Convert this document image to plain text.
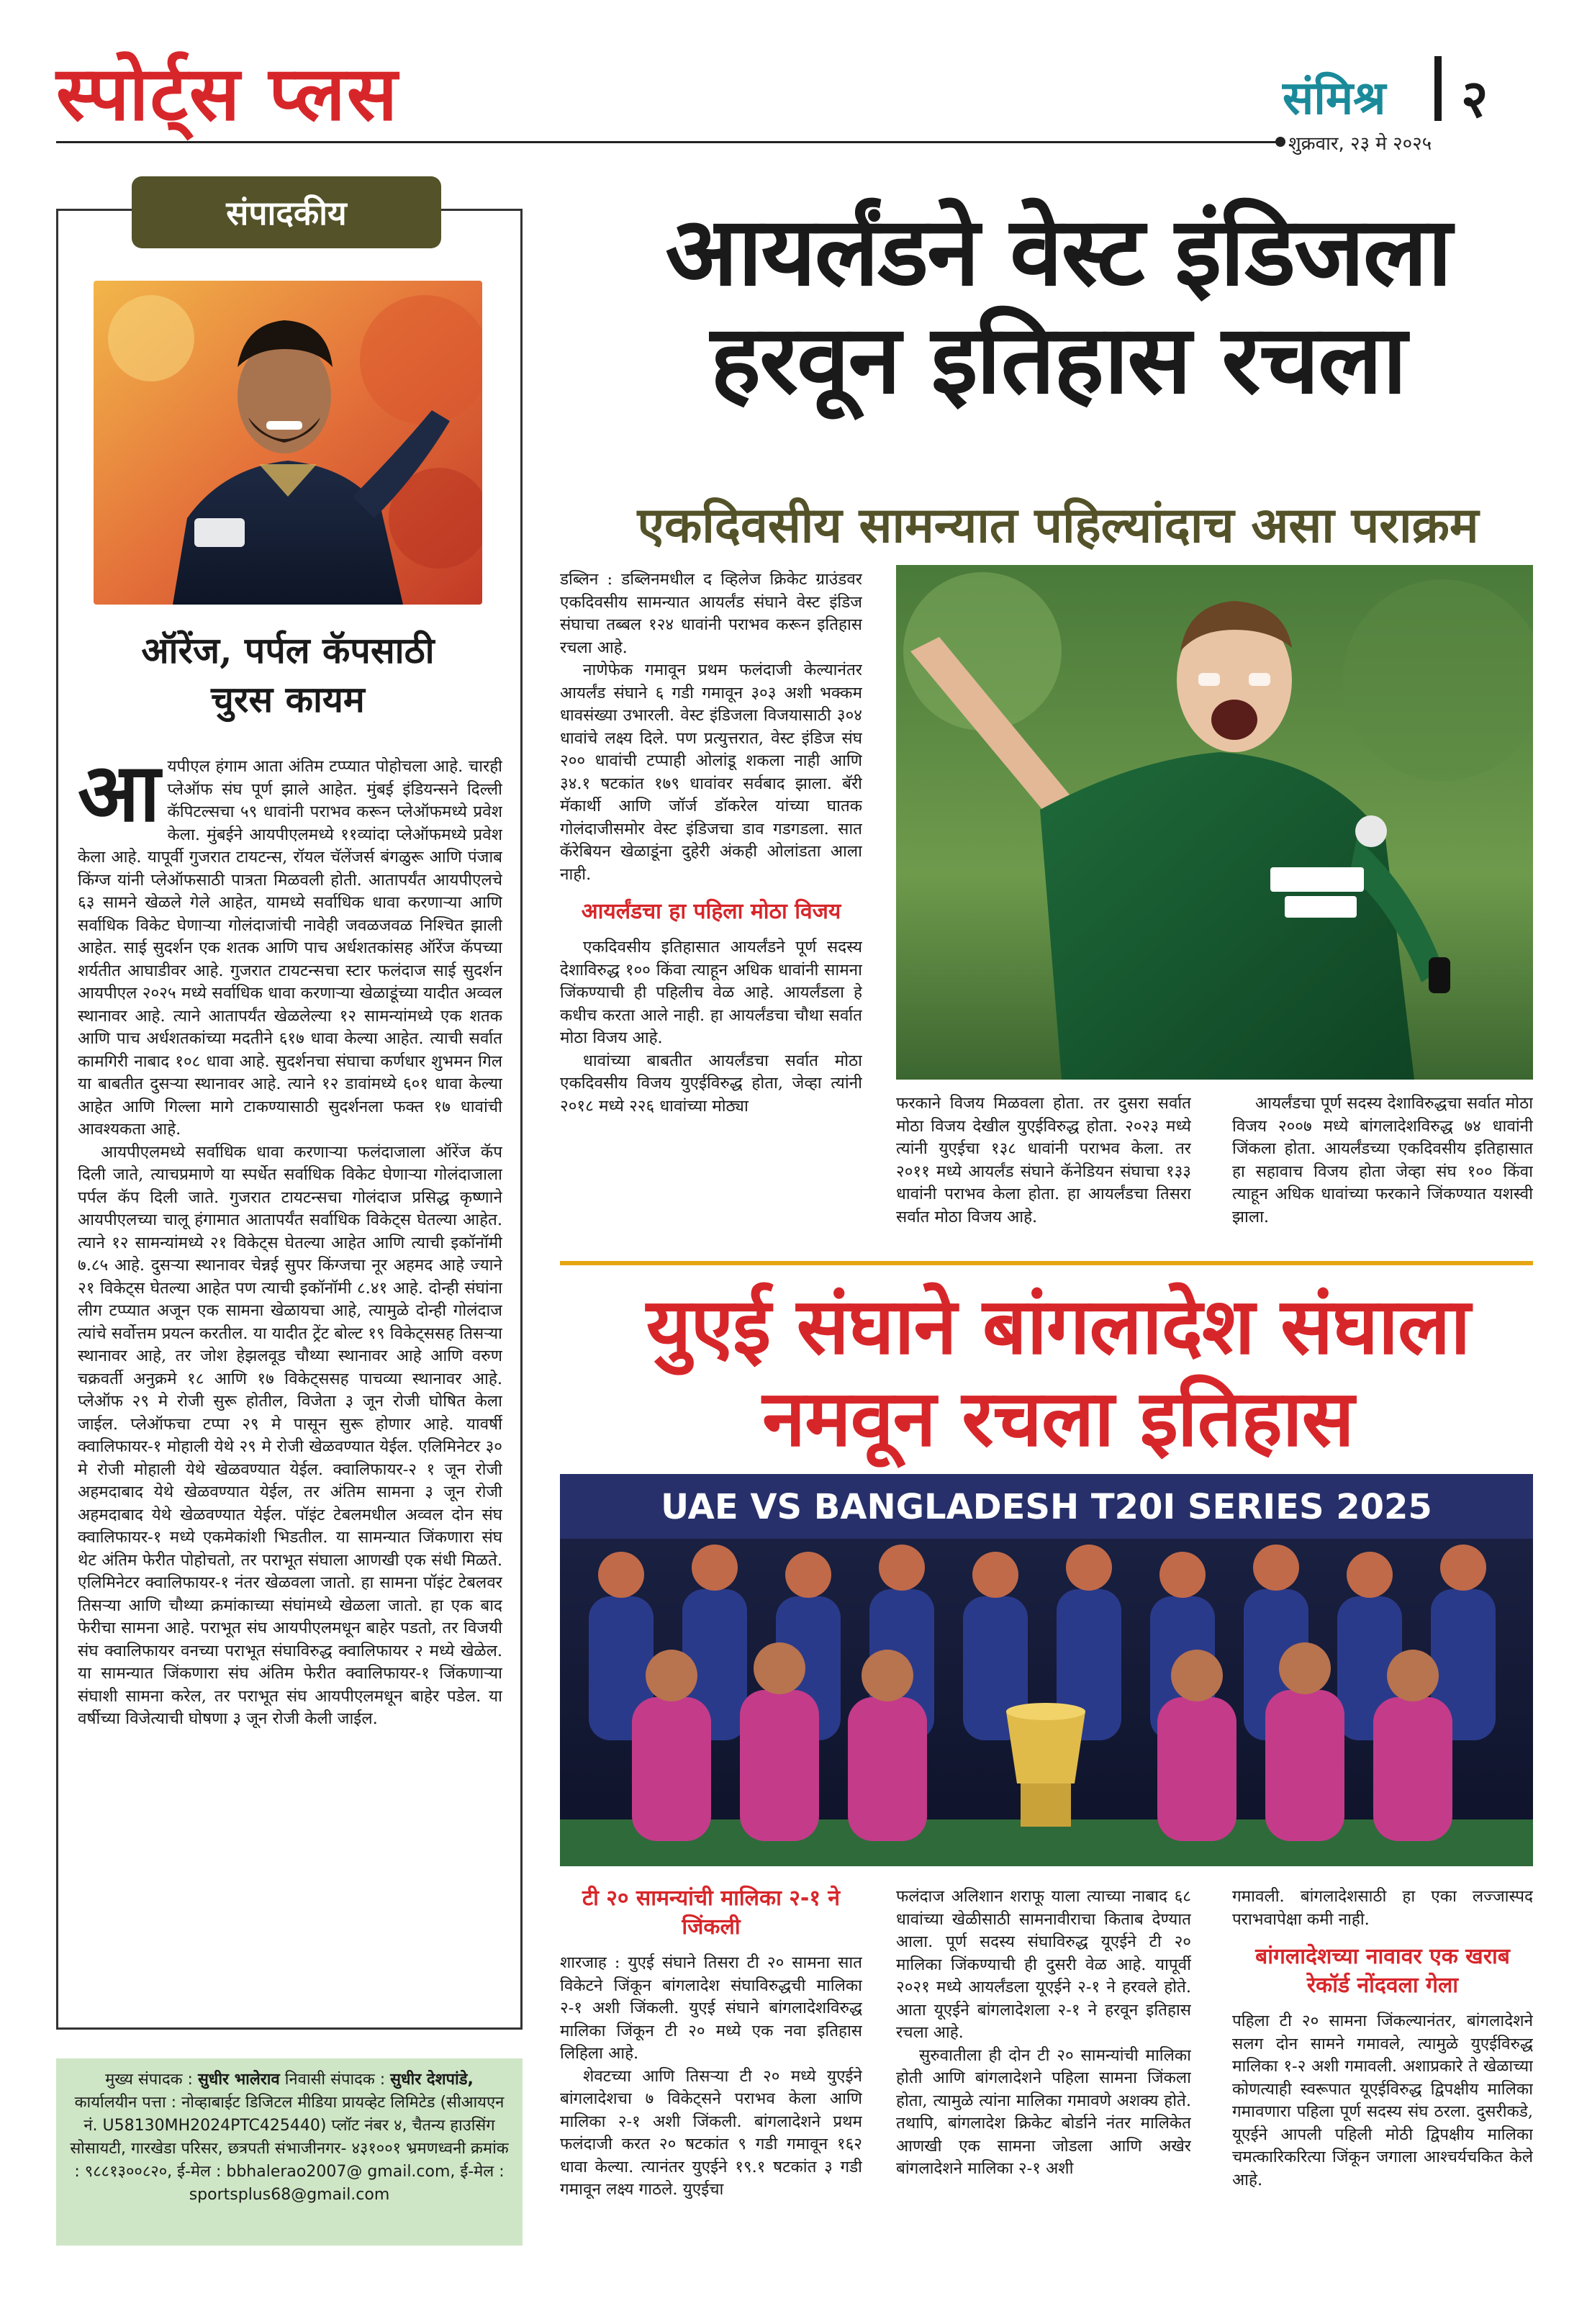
स्पोर्ट्स प्लस	संमिश्र २
शुक्रवार, २३ मे २०२५
संपादकीय
ऑरेंज, पर्पल कॅपसाठी
चुरस कायम

आयपीएल हंगाम आता अंतिम टप्प्यात पोहोचला आहे. चारही प्लेऑफ संघ पूर्ण झाले आहेत. मुंबई इंडियन्सने दिल्ली कॅपिटल्सचा ५९ धावांनी पराभव करून प्लेऑफमध्ये प्रवेश केला. मुंबईने आयपीएलमध्ये ११व्यांदा प्लेऑफमध्ये प्रवेश केला आहे. यापूर्वी गुजरात टायटन्स, रॉयल चॅलेंजर्स बंगळुरू आणि पंजाब किंग्ज यांनी प्लेऑफसाठी पात्रता मिळवली होती. आतापर्यंत आयपीएलचे ६३ सामने खेळले गेले आहेत, यामध्ये सर्वाधिक धावा करणाऱ्या आणि सर्वाधिक विकेट घेणाऱ्या गोलंदाजांची नावेही जवळजवळ निश्चित झाली आहेत. साई सुदर्शन एक शतक आणि पाच अर्धशतकांसह ऑरेंज कॅपच्या शर्यतीत आघाडीवर आहे. गुजरात टायटन्सचा स्टार फलंदाज साई सुदर्शन आयपीएल २०२५ मध्ये सर्वाधिक धावा करणाऱ्या खेळाडूंच्या यादीत अव्वल स्थानावर आहे. त्याने आतापर्यंत खेळलेल्या १२ सामन्यांमध्ये एक शतक आणि पाच अर्धशतकांच्या मदतीने ६१७ धावा केल्या आहेत. त्याची सर्वात कामगिरी नाबाद १०८ धावा आहे. सुदर्शनचा संघाचा कर्णधार शुभमन गिल या बाबतीत दुसऱ्या स्थानावर आहे. त्याने १२ डावांमध्ये ६०१ धावा केल्या आहेत आणि गिल्ला मागे टाकण्यासाठी सुदर्शनला फक्त १७ धावांची आवश्यकता आहे.

आयपीएलमध्ये सर्वाधिक धावा करणाऱ्या फलंदाजाला ऑरेंज कॅप दिली जाते, त्याचप्रमाणे या स्पर्धेत सर्वाधिक विकेट घेणाऱ्या गोलंदाजाला पर्पल कॅप दिली जाते. गुजरात टायटन्सचा गोलंदाज प्रसिद्ध कृष्णाने आयपीएलच्या चालू हंगामात आतापर्यंत सर्वाधिक विकेट्स घेतल्या आहेत. त्याने १२ सामन्यांमध्ये २१ विकेट्स घेतल्या आहेत आणि त्याची इकॉनॉमी ७.८५ आहे. दुसऱ्या स्थानावर चेन्नई सुपर किंग्जचा नूर अहमद आहे ज्याने २१ विकेट्स घेतल्या आहेत पण त्याची इकॉनॉमी ८.४१ आहे. दोन्ही संघांना लीग टप्प्यात अजून एक सामना खेळायचा आहे, त्यामुळे दोन्ही गोलंदाज त्यांचे सर्वोत्तम प्रयत्न करतील. या यादीत ट्रेंट बोल्ट १९ विकेट्ससह तिसऱ्या स्थानावर आहे, तर जोश हेझलवूड चौथ्या स्थानावर आहे आणि वरुण चक्रवर्ती अनुक्रमे १८ आणि १७ विकेट्ससह पाचव्या स्थानावर आहे. प्लेऑफ २९ मे रोजी सुरू होतील, विजेता ३ जून रोजी घोषित केला जाईल. प्लेऑफचा टप्पा २९ मे पासून सुरू होणार आहे. यावर्षी क्वालिफायर-१ मोहाली येथे २९ मे रोजी खेळवण्यात येईल. एलिमिनेटर ३० मे रोजी मोहाली येथे खेळवण्यात येईल. क्वालिफायर-२ १ जून रोजी अहमदाबाद येथे खेळवण्यात येईल, तर अंतिम सामना ३ जून रोजी अहमदाबाद येथे खेळवण्यात येईल. पॉइंट टेबलमधील अव्वल दोन संघ क्वालिफायर-१ मध्ये एकमेकांशी भिडतील. या सामन्यात जिंकणारा संघ थेट अंतिम फेरीत पोहोचतो, तर पराभूत संघाला आणखी एक संधी मिळते. एलिमिनेटर क्वालिफायर-१ नंतर खेळवला जातो. हा सामना पॉइंट टेबलवर तिसऱ्या आणि चौथ्या क्रमांकाच्या संघांमध्ये खेळला जातो. हा एक बाद फेरीचा सामना आहे. पराभूत संघ आयपीएलमधून बाहेर पडतो, तर विजयी संघ क्वालिफायर वनच्या पराभूत संघाविरुद्ध क्वालिफायर २ मध्ये खेळेल. या सामन्यात जिंकणारा संघ अंतिम फेरीत क्वालिफायर-१ जिंकणाऱ्या संघाशी सामना करेल, तर पराभूत संघ आयपीएलमधून बाहेर पडेल. या वर्षीच्या विजेत्याची घोषणा ३ जून रोजी केली जाईल.

मुख्य संपादक : सुधीर भालेराव निवासी संपादक : सुधीर देशपांडे,
कार्यालयीन पत्ता : नोव्हाबाईट डिजिटल मीडिया प्रायव्हेट लिमिटेड (सीआयएन नं. U58130MH2024PTC425440) प्लॉट नंबर ४, चैतन्य हाउसिंग सोसायटी, गारखेडा परिसर, छत्रपती संभाजीनगर- ४३१००१ भ्रमणध्वनी क्रमांक : ९८८१३००८२०, ई-मेल : bbhalerao2007@ gmail.com, ई-मेल : sportsplus68@gmail.com
आयर्लंडने वेस्ट इंडिजला
हरवून इतिहास रचला
एकदिवसीय सामन्यात पहिल्यांदाच असा पराक्रम

डब्लिन : डब्लिनमधील द व्हिलेज क्रिकेट ग्राउंडवर एकदिवसीय सामन्यात आयर्लंड संघाने वेस्ट इंडिज संघाचा तब्बल १२४ धावांनी पराभव करून इतिहास रचला आहे.

नाणेफेक गमावून प्रथम फलंदाजी केल्यानंतर आयर्लंड संघाने ६ गडी गमावून ३०३ अशी भक्कम धावसंख्या उभारली. वेस्ट इंडिजला विजयासाठी ३०४ धावांचे लक्ष्य दिले. पण प्रत्युत्तरात, वेस्ट इंडिज संघ २०० धावांची टप्पाही ओलांडू शकला नाही आणि ३४.१ षटकांत १७९ धावांवर सर्वबाद झाला. बॅरी मॅकार्थी आणि जॉर्ज डॉकरेल यांच्या घातक गोलंदाजीसमोर वेस्ट इंडिजचा डाव गडगडला. सात कॅरेबियन खेळाडूंना दुहेरी अंकही ओलांडता आला नाही.

आयर्लंडचा हा पहिला मोठा विजय

एकदिवसीय इतिहासात आयर्लंडने पूर्ण सदस्य देशाविरुद्ध १०० किंवा त्याहून अधिक धावांनी सामना जिंकण्याची ही पहिलीच वेळ आहे. आयर्लंडला हे कधीच करता आले नाही. हा आयर्लंडचा चौथा सर्वात मोठा विजय आहे.

धावांच्या बाबतीत आयर्लंडचा सर्वात मोठा एकदिवसीय विजय युएईविरुद्ध होता, जेव्हा त्यांनी २०१८ मध्ये २२६ धावांच्या मोठ्या	फरकाने विजय मिळवला होता. तर दुसरा सर्वात मोठा विजय देखील युएईविरुद्ध होता. २०२३ मध्ये त्यांनी युएईचा १३८ धावांनी पराभव केला. तर २०११ मध्ये आयर्लंड संघाने कॅनेडियन संघाचा १३३ धावांनी पराभव केला होता. हा आयर्लंडचा तिसरा सर्वात मोठा विजय आहे.

आयर्लंडचा पूर्ण सदस्य देशाविरुद्धचा सर्वात मोठा विजय २००७ मध्ये बांगलादेशविरुद्ध ७४ धावांनी जिंकला होता. आयर्लंडच्या एकदिवसीय इतिहासात हा सहावाच विजय होता जेव्हा संघ १०० किंवा त्याहून अधिक धावांच्या फरकाने जिंकण्यात यशस्वी झाला.

युएई संघाने बांगलादेश संघाला
नमवून रचला इतिहास
UAE VS BANGLADESH T20I SERIES 2025
टी २० सामन्यांची मालिका २-१ ने जिंकली

शारजाह : युएई संघाने तिसरा टी २० सामना सात विकेटने जिंकून बांगलादेश संघाविरुद्धची मालिका २-१ अशी जिंकली. युएई संघाने बांगलादेशविरुद्ध मालिका जिंकून टी २० मध्ये एक नवा इतिहास लिहिला आहे.

शेवटच्या आणि तिसऱ्या टी २० मध्ये युएईने बांगलादेशचा ७ विकेट्सने पराभव केला आणि मालिका २-१ अशी जिंकली. बांगलादेशने प्रथम फलंदाजी करत २० षटकांत ९ गडी गमावून १६२ धावा केल्या. त्यानंतर युएईने १९.१ षटकांत ३ गडी गमावून लक्ष्य गाठले. युएईचा

फलंदाज अलिशान शराफू याला त्याच्या नाबाद ६८ धावांच्या खेळीसाठी सामनावीराचा किताब देण्यात आला. पूर्ण सदस्य संघाविरुद्ध यूएईने टी २० मालिका जिंकण्याची ही दुसरी वेळ आहे. यापूर्वी २०२१ मध्ये आयर्लंडला यूएईने २-१ ने हरवले होते. आता यूएईने बांगलादेशला २-१ ने हरवून इतिहास रचला आहे.

सुरुवातीला ही दोन टी २० सामन्यांची मालिका होती आणि बांगलादेशने पहिला सामना जिंकला होता, त्यामुळे त्यांना मालिका गमावणे अशक्य होते. तथापि, बांगलादेश क्रिकेट बोर्डाने नंतर मालिकेत आणखी एक सामना जोडला आणि अखेर बांगलादेशने मालिका २-१ अशी

गमावली. बांगलादेशसाठी हा एका लज्जास्पद पराभवापेक्षा कमी नाही.

बांगलादेशच्या नावावर एक खराब रेकॉर्ड नोंदवला गेला

पहिला टी २० सामना जिंकल्यानंतर, बांगलादेशने सलग दोन सामने गमावले, त्यामुळे युएईविरुद्ध मालिका १-२ अशी गमावली. अशाप्रकारे ते खेळाच्या कोणत्याही स्वरूपात यूएईविरुद्ध द्विपक्षीय मालिका गमावणारा पहिला पूर्ण सदस्य संघ ठरला. दुसरीकडे, यूएईने आपली पहिली मोठी द्विपक्षीय मालिका चमत्कारिकरित्या जिंकून जगाला आश्चर्यचकित केले आहे.
